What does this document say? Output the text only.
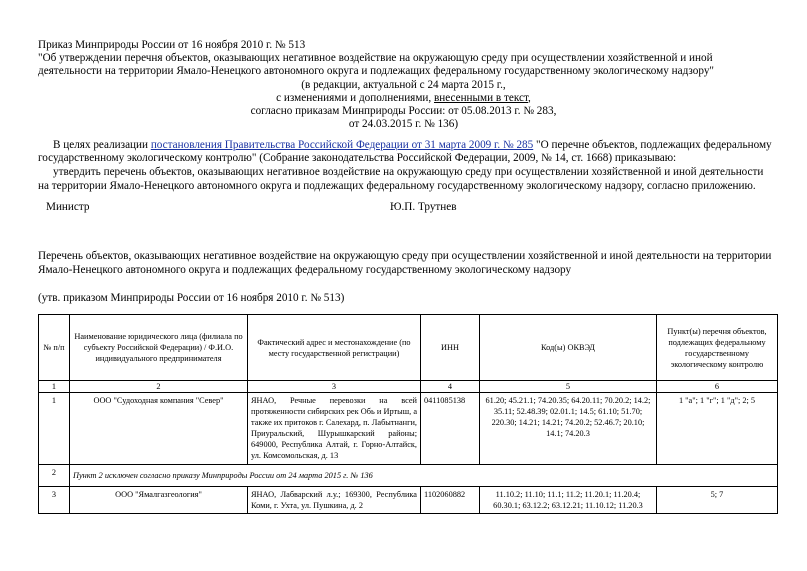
Приказ Минприроды России от 16 ноября 2010 г. № 513
"Об утверждении перечня объектов, оказывающих негативное воздействие на окружающую среду при осуществлении хозяйственной и иной
деятельности на территории Ямало-Ненецкого автономного округа и подлежащих федеральному государственному экологическому надзору"
(в редакции, актуальной с 24 марта 2015 г.,
с изменениями и дополнениями, внесенными в текст,
согласно приказам Минприроды России: от 05.08.2013 г. № 283,
от 24.03.2015 г. № 136)
В целях реализации постановления Правительства Российской Федерации от 31 марта 2009 г. № 285 "О перечне объектов, подлежащих федеральному
государственному экологическому контролю" (Собрание законодательства Российской Федерации, 2009, № 14, ст. 1668) приказываю:
утвердить перечень объектов, оказывающих негативное воздействие на окружающую среду при осуществлении хозяйственной и иной деятельности
на территории Ямало-Ненецкого автономного округа и подлежащих федеральному государственному экологическому надзору, согласно приложению.
Министр	Ю.П. Трутнев
Перечень объектов, оказывающих негативное воздействие на окружающую среду при осуществлении хозяйственной и иной деятельности на территории
Ямало-Ненецкого автономного округа и подлежащих федеральному государственному экологическому надзору
(утв. приказом Минприроды России от 16 ноября 2010 г. № 513)
№ п/п	Наименование юридического лица (филиала по субъекту Российской Федерации) / Ф.И.О. индивидуального предпринимателя	Фактический адрес и местонахождение (по месту государственной регистрации)	ИНН	Код(ы) ОКВЭД	Пункт(ы) перечня объектов, подлежащих федеральному государственному экологическому контролю
1	2	3	4	5	6
1	ООО "Судоходная компания "Север"	ЯНАО, Речные перевозки на всей протяженности сибирских рек Обь и Иртыш, а также их притоков г. Салехард, п. Лабытнанги, Приуральский, Шурышкарский районы; 649000, Республика Алтай, г. Горно-Алтайск, ул. Комсомольская, д. 13	0411085138	61.20; 45.21.1; 74.20.35; 64.20.11; 70.20.2; 14.2; 35.11; 52.48.39; 02.01.1; 14.5; 61.10; 51.70; 220.30; 14.21; 14.21; 74.20.2; 52.46.7; 20.10; 14.1; 74.20.3	1 "а"; 1 "г"; 1 "д"; 2; 5
2	Пункт 2 исключен согласно приказу Минприроды России от 24 марта 2015 г. № 136				
3	ООО "Ямалгазгеология"	ЯНАО, Лабварский л.у.; 169300, Республика Коми, г. Ухта, ул. Пушкина, д. 2	1102060882	11.10.2; 11.10; 11.1; 11.2; 11.20.1; 11.20.4; 60.30.1; 63.12.2; 63.12.21; 11.10.12; 11.20.3	5; 7
